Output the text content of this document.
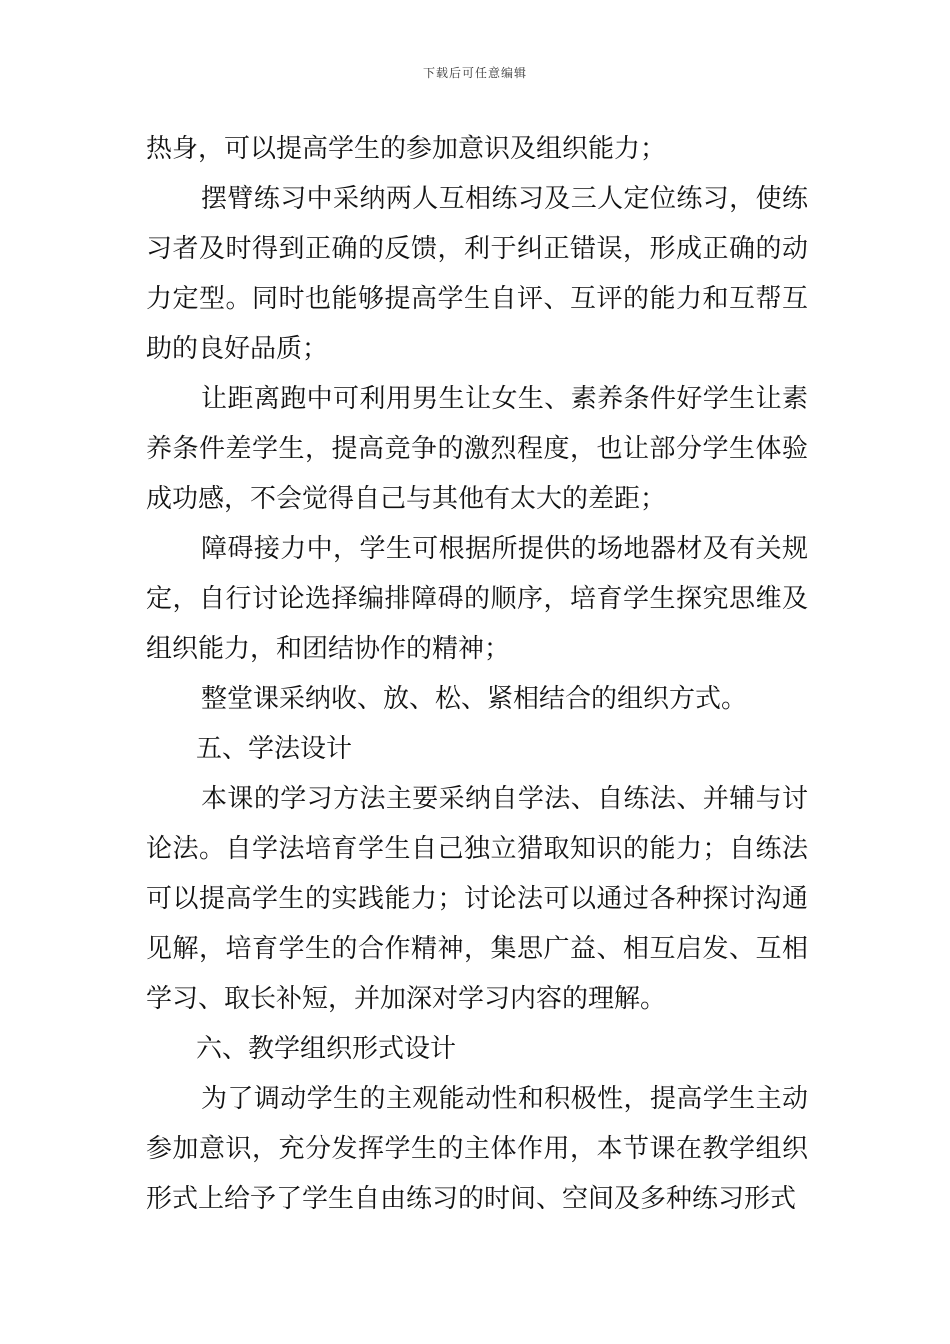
下载后可任意编辑

热身，可以提高学生的参加意识及组织能力；

摆臂练习中采纳两人互相练习及三人定位练习，使练习者及时得到正确的反馈，利于纠正错误，形成正确的动力定型。同时也能够提高学生自评、互评的能力和互帮互助的良好品质；

让距离跑中可利用男生让女生、素养条件好学生让素养条件差学生，提高竞争的激烈程度，也让部分学生体验成功感，不会觉得自己与其他有太大的差距；

障碍接力中，学生可根据所提供的场地器材及有关规定，自行讨论选择编排障碍的顺序，培育学生探究思维及组织能力，和团结协作的精神；

整堂课采纳收、放、松、紧相结合的组织方式。

五、学法设计

本课的学习方法主要采纳自学法、自练法、并辅与讨论法。自学法培育学生自己独立猎取知识的能力；自练法可以提高学生的实践能力；讨论法可以通过各种探讨沟通见解，培育学生的合作精神，集思广益、相互启发、互相学习、取长补短，并加深对学习内容的理解。

六、教学组织形式设计

为了调动学生的主观能动性和积极性，提高学生主动参加意识，充分发挥学生的主体作用，本节课在教学组织形式上给予了学生自由练习的时间、空间及多种练习形式
